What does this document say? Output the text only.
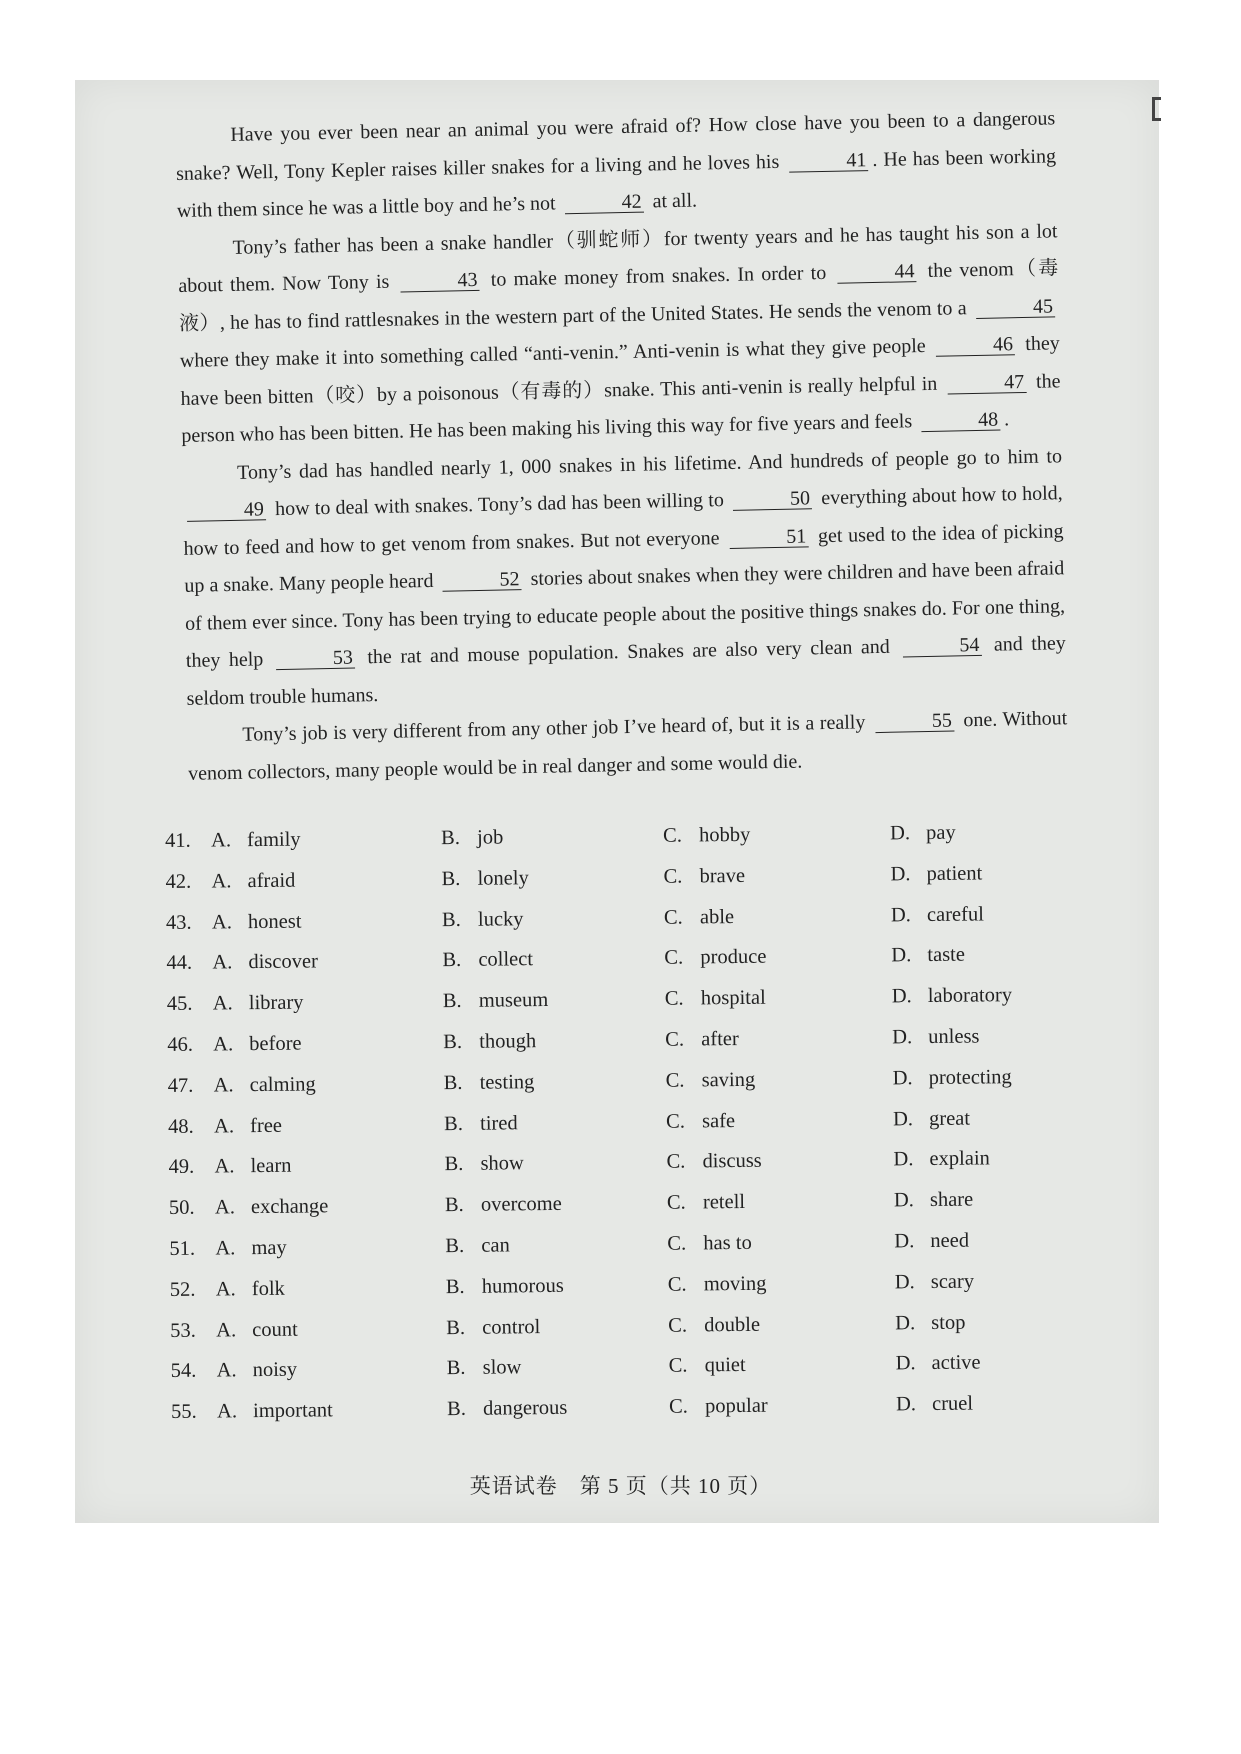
Have you ever been near an animal you were afraid of? How close have you been to a dangerous snake? Well, Tony Kepler raises killer snakes for a living and he loves his	41 . He has been working with them since he was a little boy and he’s not	42 at all.

Tony’s father has been a snake handler（驯蛇师）for twenty years and he has taught his son a lot about them. Now Tony is	43 to make money from snakes. In order to	44 the venom（毒液）, he has to find rattlesnakes in the western part of the United States. He sends the venom to a	45 where they make it into something called “anti-venin.” Anti-venin is what they give people	46 they have been bitten（咬）by a poisonous（有毒的）snake. This anti-venin is really helpful in	47 the person who has been bitten. He has been making his living this way for five years and feels	48 .

Tony’s dad has handled nearly 1, 000 snakes in his lifetime. And hundreds of people go to him to 49 how to deal with snakes. Tony’s dad has been willing to	50 everything about how to hold, how to feed and how to get venom from snakes. But not everyone	51 get used to the idea of picking up a snake. Many people heard	52 stories about snakes when they were children and have been afraid of them ever since. Tony has been trying to educate people about the positive things snakes do. For one thing, they help	53 the rat and mouse population. Snakes are also very clean and	54 and they seldom trouble humans.

Tony’s job is very different from any other job I’ve heard of, but it is a really	55 one. Without venom collectors, many people would be in real danger and some would die.

41. A. family	B. job	C. hobby	D. pay
42. A. afraid	B. lonely	C. brave	D. patient
43. A. honest	B. lucky	C. able	D. careful
44. A. discover	B. collect	C. produce	D. taste
45. A. library	B. museum	C. hospital	D. laboratory
46. A. before	B. though	C. after	D. unless
47. A. calming	B. testing	C. saving	D. protecting
48. A. free	B. tired	C. safe	D. great
49. A. learn	B. show	C. discuss	D. explain
50. A. exchange	B. overcome	C. retell	D. share
51. A. may	B. can	C. has to	D. need
52. A. folk	B. humorous	C. moving	D. scary
53. A. count	B. control	C. double	D. stop
54. A. noisy	B. slow	C. quiet	D. active
55. A. important	B. dangerous	C. popular	D. cruel
英语试卷　第 5 页（共 10 页）
